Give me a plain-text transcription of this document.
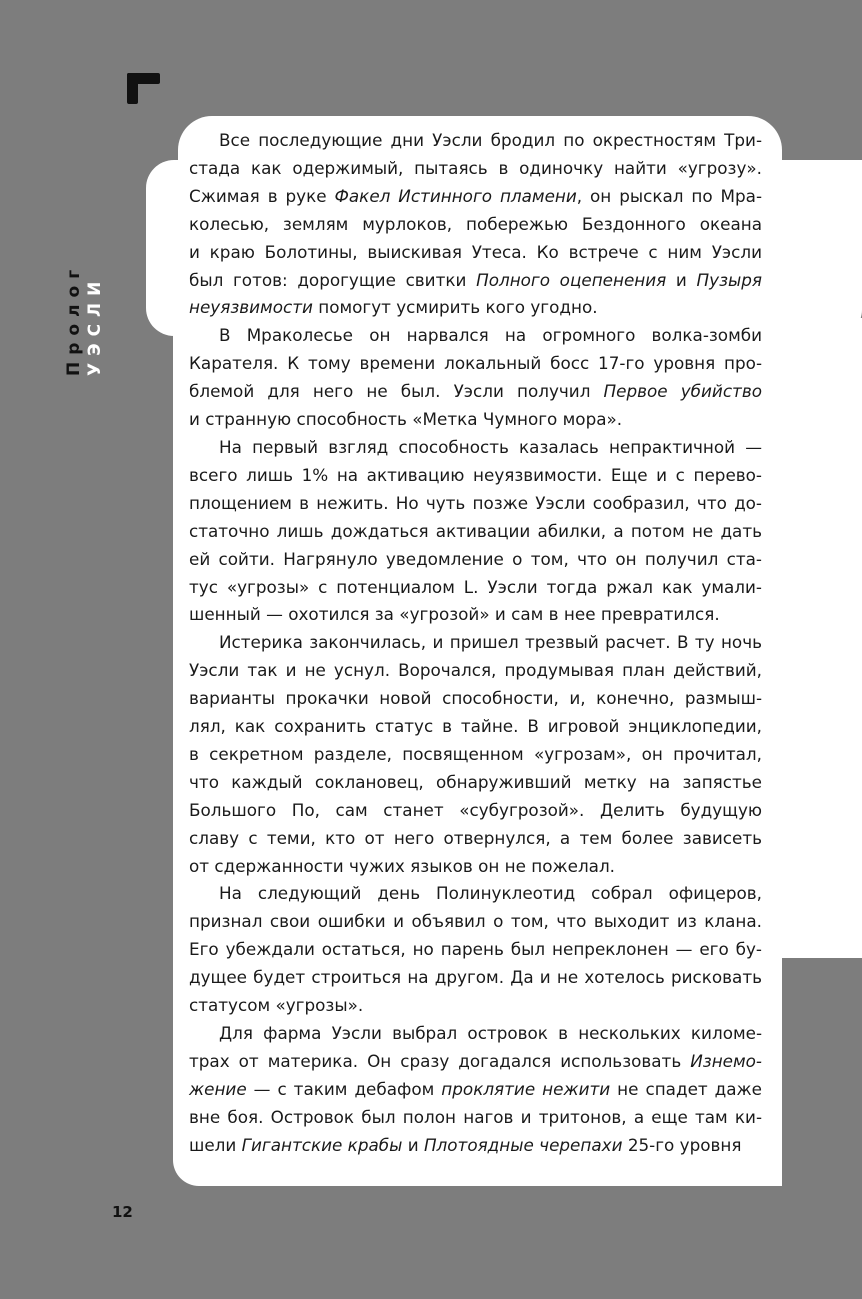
Пролог УЭСЛИ

Все последующие дни Уэсли бродил по окрестностям Три-
стада как одержимый, пытаясь в одиночку найти «угрозу».
Сжимая в руке Факел Истинного пламени, он рыскал по Мра-
колесью, землям мурлоков, побережью Бездонного океана
и краю Болотины, выискивая Утеса. Ко встрече с ним Уэсли
был готов: дорогущие свитки Полного оцепенения и Пузыря
неуязвимости помогут усмирить кого угодно.

В Мраколесье он нарвался на огромного волка-зомби
Карателя. К тому времени локальный босс 17-го уровня про-
блемой для него не был. Уэсли получил Первое убийство
и странную способность «Метка Чумного мора».

На первый взгляд способность казалась непрактичной —
всего лишь 1% на активацию неуязвимости. Еще и с перево-
площением в нежить. Но чуть позже Уэсли сообразил, что до-
статочно лишь дождаться активации абилки, а потом не дать
ей сойти. Нагрянуло уведомление о том, что он получил ста-
тус «угрозы» с потенциалом L. Уэсли тогда ржал как умали-
шенный — охотился за «угрозой» и сам в нее превратился.

Истерика закончилась, и пришел трезвый расчет. В ту ночь
Уэсли так и не уснул. Ворочался, продумывая план действий,
варианты прокачки новой способности, и, конечно, размыш-
лял, как сохранить статус в тайне. В игровой энциклопедии,
в секретном разделе, посвященном «угрозам», он прочитал,
что каждый соклановец, обнаруживший метку на запястье
Большого По, сам станет «субугрозой». Делить будущую
славу с теми, кто от него отвернулся, а тем более зависеть
от сдержанности чужих языков он не пожелал.

На следующий день Полинуклеотид собрал офицеров,
признал свои ошибки и объявил о том, что выходит из клана.
Его убеждали остаться, но парень был непреклонен — его бу-
дущее будет строиться на другом. Да и не хотелось рисковать
статусом «угрозы».

Для фарма Уэсли выбрал островок в нескольких киломе-
трах от материка. Он сразу догадался использовать Изнемо-
жение — с таким дебафом проклятие нежити не спадет даже
вне боя. Островок был полон нагов и тритонов, а еще там ки-
шели Гигантские крабы и Плотоядные черепахи 25-го уровня

12
